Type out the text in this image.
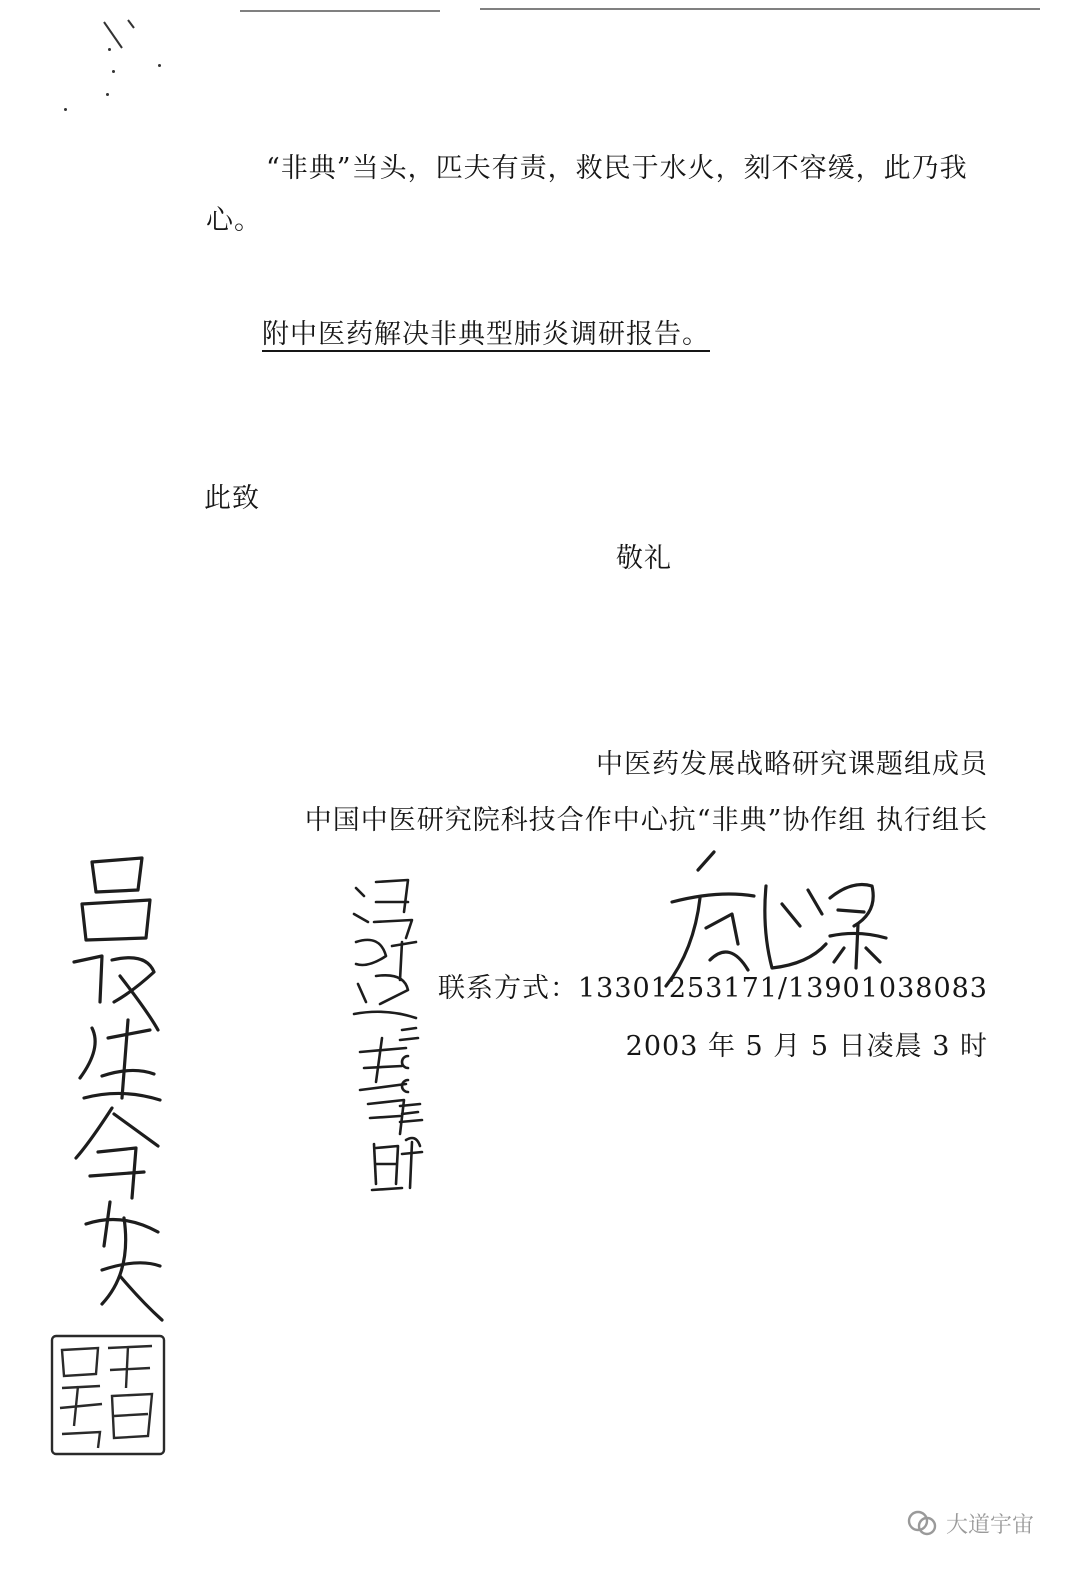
“非典”当头，匹夫有责，救民于水火，刻不容缓，此乃我
心。
附中医药解决非典型肺炎调研报告。
此致
敬礼
中医药发展战略研究课题组成员
中国中医研究院科技合作中心抗“非典”协作组 执行组长
联系方式：13301253171/13901038083
2003 年 5 月 5 日凌晨 3 时
大道宇宙
